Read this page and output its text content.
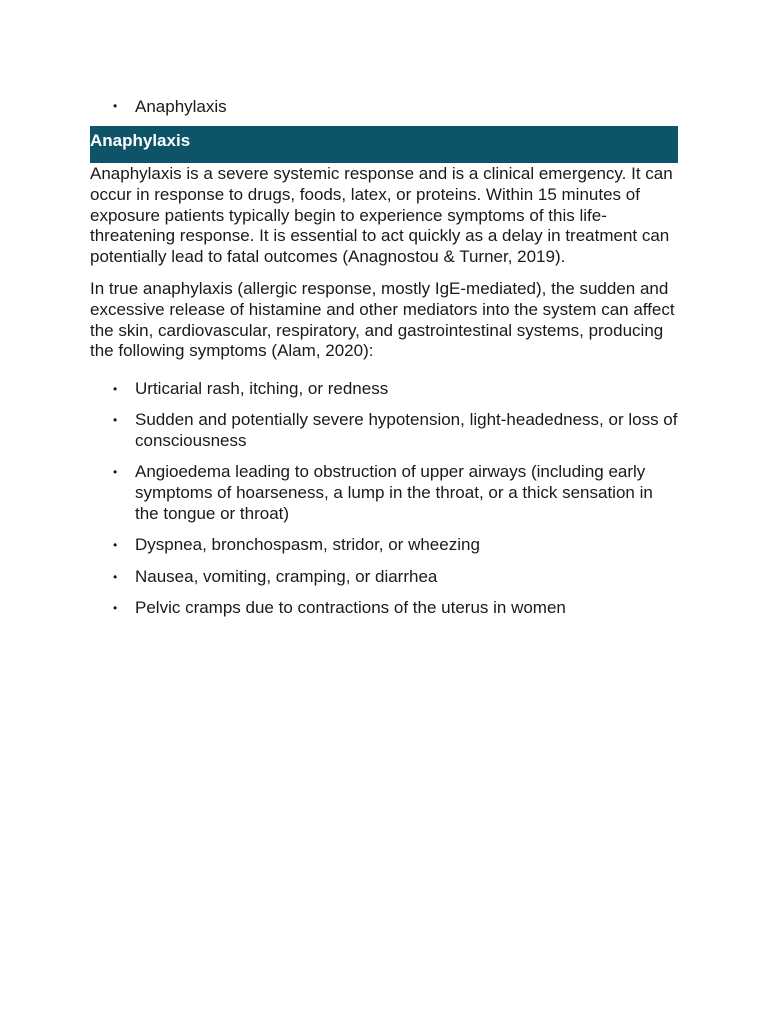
• Anaphylaxis
Anaphylaxis

Anaphylaxis is a severe systemic response and is a clinical emergency. It can occur in response to drugs, foods, latex, or proteins. Within 15 minutes of exposure patients typically begin to experience symptoms of this life-threatening response. It is essential to act quickly as a delay in treatment can potentially lead to fatal outcomes (Anagnostou & Turner, 2019).

In true anaphylaxis (allergic response, mostly IgE-mediated), the sudden and excessive release of histamine and other mediators into the system can affect the skin, cardiovascular, respiratory, and gastrointestinal systems, producing the following symptoms (Alam, 2020):

• Urticarial rash, itching, or redness
• Sudden and potentially severe hypotension, light-headedness, or loss of consciousness
• Angioedema leading to obstruction of upper airways (including early symptoms of hoarseness, a lump in the throat, or a thick sensation in the tongue or throat)
• Dyspnea, bronchospasm, stridor, or wheezing
• Nausea, vomiting, cramping, or diarrhea
• Pelvic cramps due to contractions of the uterus in women
